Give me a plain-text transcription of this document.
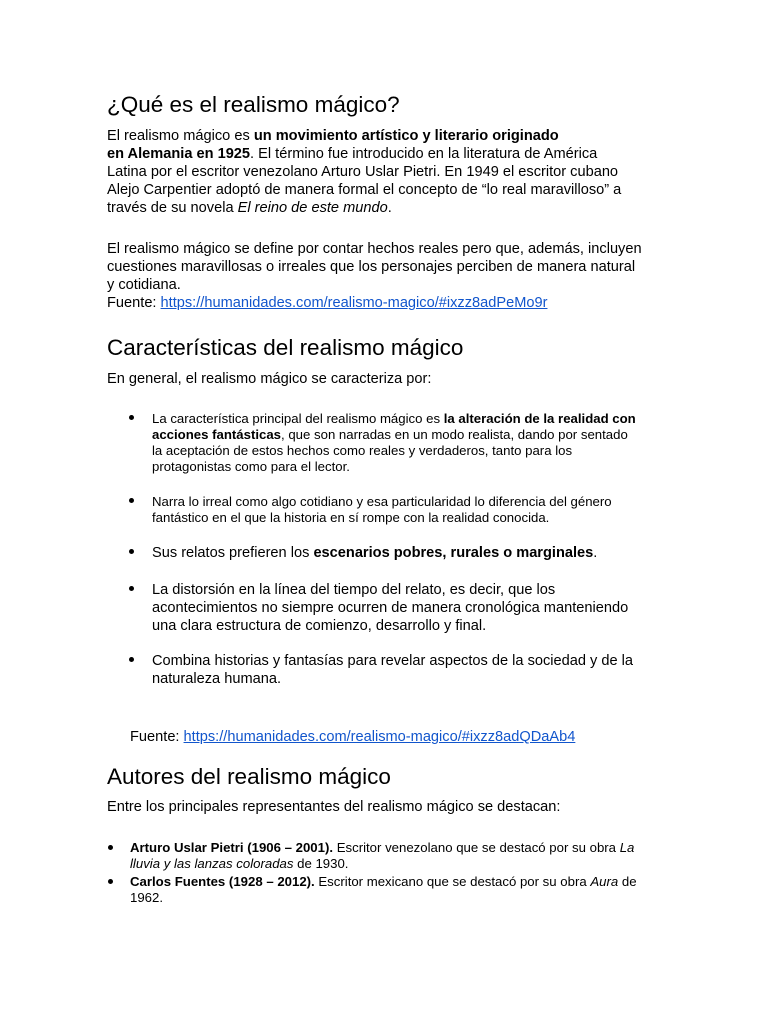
¿Qué es el realismo mágico?

El realismo mágico es un movimiento artístico y literario originado
en Alemania en 1925. El término fue introducido en la literatura de América
Latina por el escritor venezolano Arturo Uslar Pietri. En 1949 el escritor cubano
Alejo Carpentier adoptó de manera formal el concepto de “lo real maravilloso” a
través de su novela El reino de este mundo.

El realismo mágico se define por contar hechos reales pero que, además, incluyen
cuestiones maravillosas o irreales que los personajes perciben de manera natural
y cotidiana.
Fuente: https://humanidades.com/realismo-magico/#ixzz8adPeMo9r

Características del realismo mágico

En general, el realismo mágico se caracteriza por:

La característica principal del realismo mágico es la alteración de la realidad con
acciones fantásticas, que son narradas en un modo realista, dando por sentado
la aceptación de estos hechos como reales y verdaderos, tanto para los
protagonistas como para el lector.

Narra lo irreal como algo cotidiano y esa particularidad lo diferencia del género
fantástico en el que la historia en sí rompe con la realidad conocida.

Sus relatos prefieren los escenarios pobres, rurales o marginales.

La distorsión en la línea del tiempo del relato, es decir, que los
acontecimientos no siempre ocurren de manera cronológica manteniendo
una clara estructura de comienzo, desarrollo y final.

Combina historias y fantasías para revelar aspectos de la sociedad y de la
naturaleza humana.

Fuente: https://humanidades.com/realismo-magico/#ixzz8adQDaAb4

Autores del realismo mágico

Entre los principales representantes del realismo mágico se destacan:

Arturo Uslar Pietri (1906 – 2001). Escritor venezolano que se destacó por su obra La
lluvia y las lanzas coloradas de 1930.

Carlos Fuentes (1928 – 2012). Escritor mexicano que se destacó por su obra Aura de
1962.
